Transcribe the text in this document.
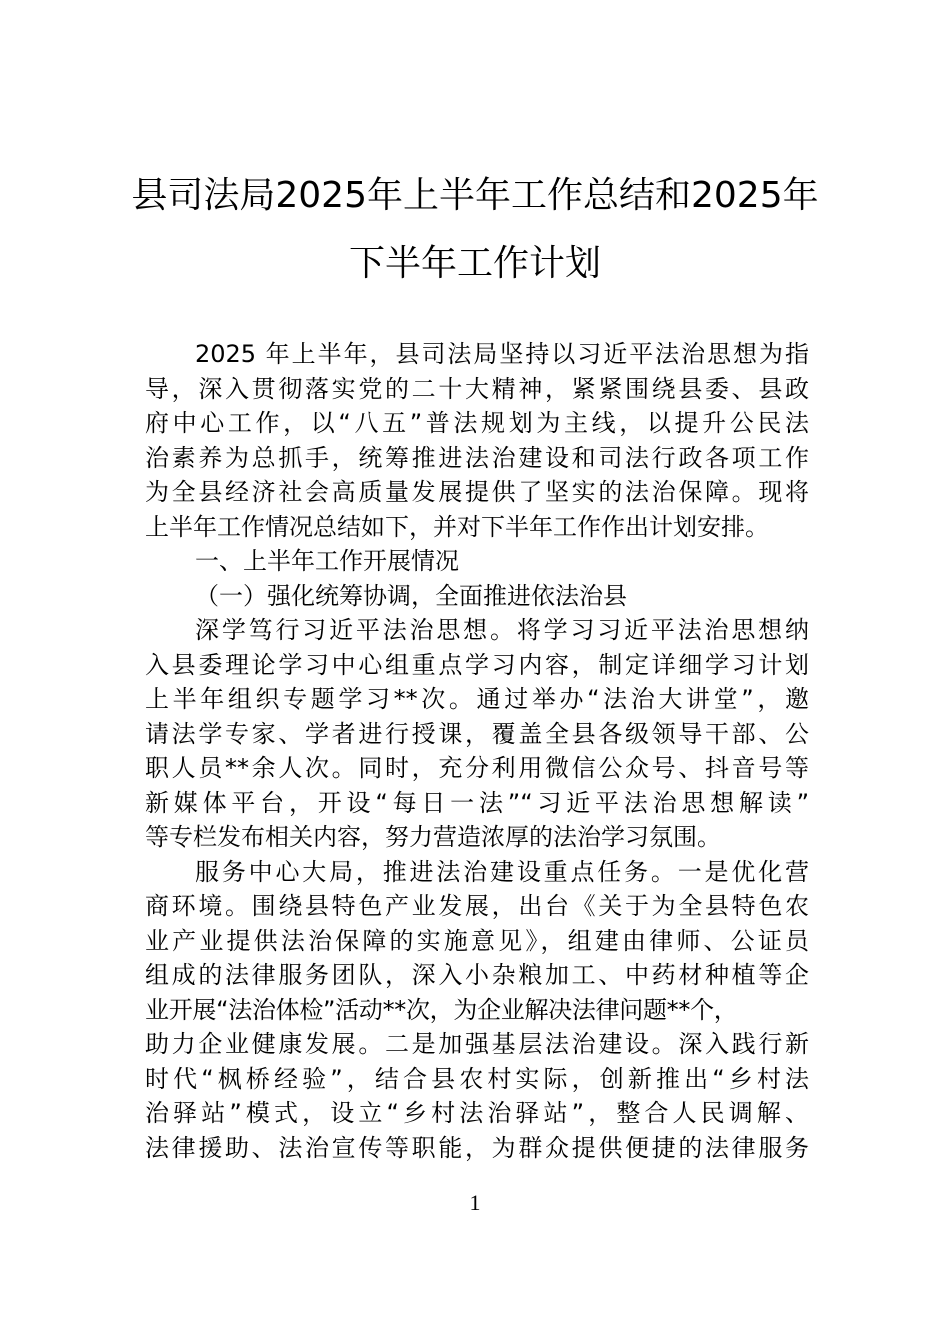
县司法局2025年上半年工作总结和2025年
下半年工作计划
2025 年上半年，县司法局坚持以习近平法治思想为指
导，深入贯彻落实党的二十大精神，紧紧围绕县委、县政
府中心工作，以“八五”普法规划为主线，以提升公民法
治素养为总抓手，统筹推进法治建设和司法行政各项工作
为全县经济社会高质量发展提供了坚实的法治保障。现将
上半年工作情况总结如下，并对下半年工作作出计划安排。
一、上半年工作开展情况
（一）强化统筹协调，全面推进依法治县
深学笃行习近平法治思想。将学习习近平法治思想纳
入县委理论学习中心组重点学习内容，制定详细学习计划
上半年组织专题学习**次。通过举办“法治大讲堂”，邀
请法学专家、学者进行授课，覆盖全县各级领导干部、公
职人员**余人次。同时，充分利用微信公众号、抖音号等
新媒体平台，开设“每日一法”“习近平法治思想解读”
等专栏发布相关内容，努力营造浓厚的法治学习氛围。
服务中心大局，推进法治建设重点任务。一是优化营
商环境。围绕县特色产业发展，出台《关于为全县特色农
业产业提供法治保障的实施意见》，组建由律师、公证员
组成的法律服务团队，深入小杂粮加工、中药材种植等企
业开展“法治体检”活动**次，为企业解决法律问题**个，
助力企业健康发展。二是加强基层法治建设。深入践行新
时代“枫桥经验”，结合县农村实际，创新推出“乡村法
治驿站”模式，设立“乡村法治驿站”，整合人民调解、
法律援助、法治宣传等职能，为群众提供便捷的法律服务
1
